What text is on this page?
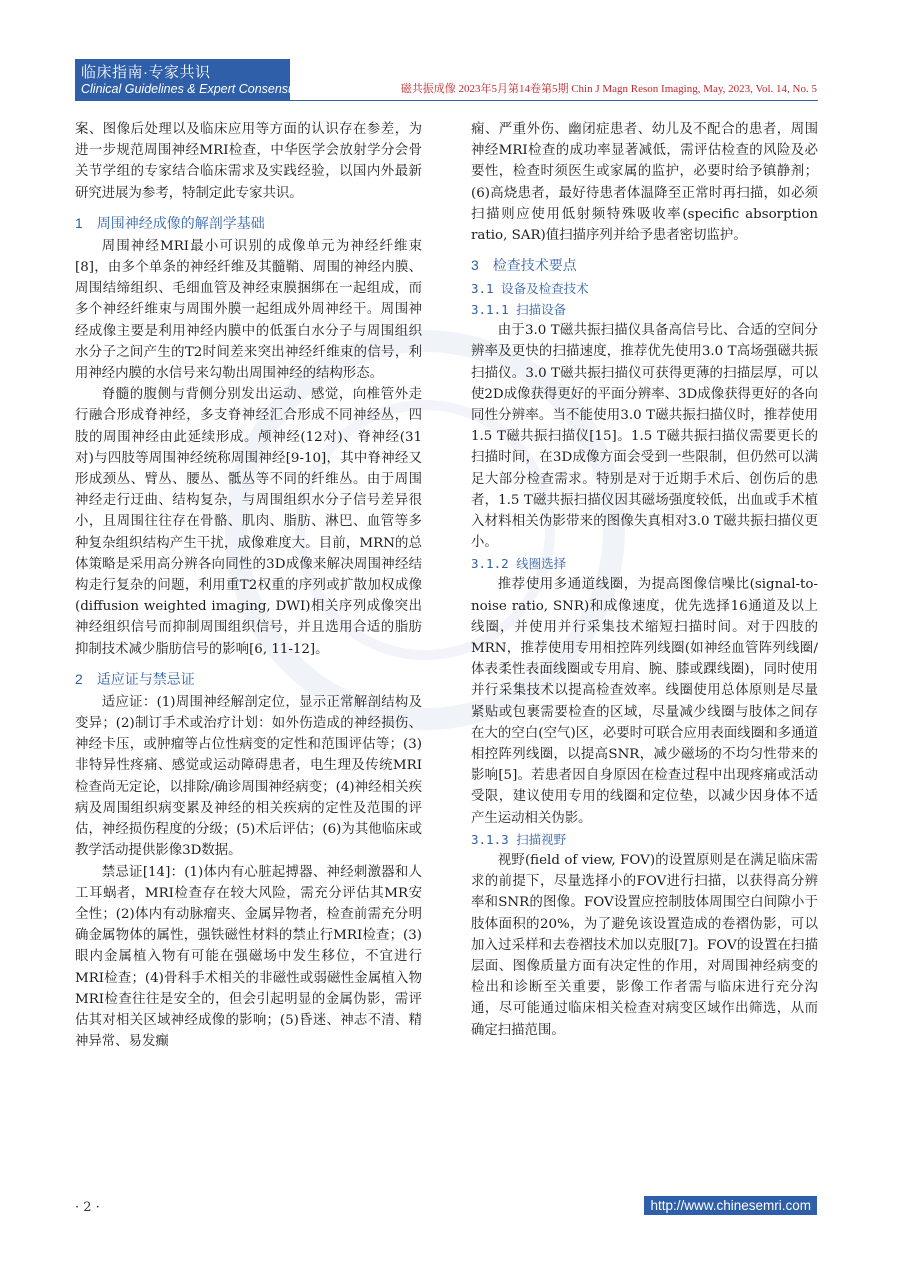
临床指南·专家共识
Clinical Guidelines & Expert Consensu	磁共振成像 2023年5月第14卷第5期 Chin J Magn Reson Imaging, May, 2023, Vol. 14, No. 5

案、图像后处理以及临床应用等方面的认识存在参差，为进一步规范周围神经MRI检查，中华医学会放射学分会骨关节学组的专家结合临床需求及实践经验，以国内外最新研究进展为参考，特制定此专家共识。

1　周围神经成像的解剖学基础

周围神经MRI最小可识别的成像单元为神经纤维束[8]，由多个单条的神经纤维及其髓鞘、周围的神经内膜、周围结缔组织、毛细血管及神经束膜捆绑在一起组成，而多个神经纤维束与周围外膜一起组成外周神经干。周围神经成像主要是利用神经内膜中的低蛋白水分子与周围组织水分子之间产生的T2时间差来突出神经纤维束的信号，利用神经内膜的水信号来勾勒出周围神经的结构形态。

脊髓的腹侧与背侧分别发出运动、感觉，向椎管外走行融合形成脊神经，多支脊神经汇合形成不同神经丛，四肢的周围神经由此延续形成。颅神经(12对)、脊神经(31对)与四肢等周围神经统称周围神经[9-10]，其中脊神经又形成颈丛、臂丛、腰丛、骶丛等不同的纤维丛。由于周围神经走行迂曲、结构复杂，与周围组织水分子信号差异很小，且周围往往存在骨骼、肌肉、脂肪、淋巴、血管等多种复杂组织结构产生干扰，成像难度大。目前，MRN的总体策略是采用高分辨各向同性的3D成像来解决周围神经结构走行复杂的问题，利用重T2权重的序列或扩散加权成像(diffusion weighted imaging, DWI)相关序列成像突出神经组织信号而抑制周围组织信号，并且选用合适的脂肪抑制技术减少脂肪信号的影响[6, 11-12]。

2　适应证与禁忌证

适应证：(1)周围神经解剖定位，显示正常解剖结构及变异；(2)制订手术或治疗计划：如外伤造成的神经损伤、神经卡压，或肿瘤等占位性病变的定性和范围评估等；(3)非特异性疼痛、感觉或运动障碍患者，电生理及传统MRI检查尚无定论，以排除/确诊周围神经病变；(4)神经相关疾病及周围组织病变累及神经的相关疾病的定性及范围的评估，神经损伤程度的分级；(5)术后评估；(6)为其他临床或教学活动提供影像3D数据。

禁忌证[14]：(1)体内有心脏起搏器、神经刺激器和人工耳蜗者，MRI检查存在较大风险，需充分评估其MR安全性；(2)体内有动脉瘤夹、金属异物者，检查前需充分明确金属物体的属性，强铁磁性材料的禁止行MRI检查；(3)眼内金属植入物有可能在强磁场中发生移位，不宜进行MRI检查；(4)骨科手术相关的非磁性或弱磁性金属植入物MRI检查往往是安全的，但会引起明显的金属伪影，需评估其对相关区域神经成像的影响；(5)昏迷、神志不清、精神异常、易发癫

痫、严重外伤、幽闭症患者、幼儿及不配合的患者，周围神经MRI检查的成功率显著减低，需评估检查的风险及必要性，检查时须医生或家属的监护，必要时给予镇静剂；(6)高烧患者，最好待患者体温降至正常时再扫描，如必须扫描则应使用低射频特殊吸收率(specific absorption ratio, SAR)值扫描序列并给予患者密切监护。

3　检查技术要点
3.1 设备及检查技术
3.1.1 扫描设备

由于3.0 T磁共振扫描仪具备高信号比、合适的空间分辨率及更快的扫描速度，推荐优先使用3.0 T高场强磁共振扫描仪。3.0 T磁共振扫描仪可获得更薄的扫描层厚，可以使2D成像获得更好的平面分辨率、3D成像获得更好的各向同性分辨率。当不能使用3.0 T磁共振扫描仪时，推荐使用1.5 T磁共振扫描仪[15]。1.5 T磁共振扫描仪需要更长的扫描时间，在3D成像方面会受到一些限制，但仍然可以满足大部分检查需求。特别是对于近期手术后、创伤后的患者，1.5 T磁共振扫描仪因其磁场强度较低，出血或手术植入材料相关伪影带来的图像失真相对3.0 T磁共振扫描仪更小。

3.1.2 线圈选择

推荐使用多通道线圈，为提高图像信噪比(signal-to-noise ratio, SNR)和成像速度，优先选择16通道及以上线圈，并使用并行采集技术缩短扫描时间。对于四肢的MRN，推荐使用专用相控阵列线圈(如神经血管阵列线圈/体表柔性表面线圈或专用肩、腕、膝或踝线圈)，同时使用并行采集技术以提高检查效率。线圈使用总体原则是尽量紧贴或包裹需要检查的区域，尽量减少线圈与肢体之间存在大的空白(空气)区，必要时可联合应用表面线圈和多通道相控阵列线圈，以提高SNR，减少磁场的不均匀性带来的影响[5]。若患者因自身原因在检查过程中出现疼痛或活动受限，建议使用专用的线圈和定位垫，以减少因身体不适产生运动相关伪影。

3.1.3 扫描视野

视野(field of view, FOV)的设置原则是在满足临床需求的前提下，尽量选择小的FOV进行扫描，以获得高分辨率和SNR的图像。FOV设置应控制肢体周围空白间隙小于肢体面积的20%，为了避免该设置造成的卷褶伪影，可以加入过采样和去卷褶技术加以克服[7]。FOV的设置在扫描层面、图像质量方面有决定性的作用，对周围神经病变的检出和诊断至关重要，影像工作者需与临床进行充分沟通，尽可能通过临床相关检查对病变区域作出筛选，从而确定扫描范围。

· 2 ·	http://www.chinesemri.com
